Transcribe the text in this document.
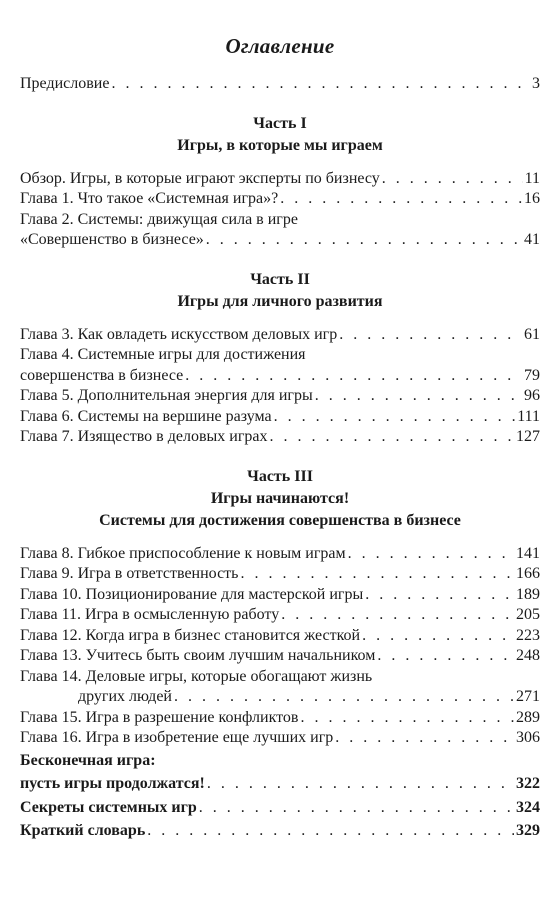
Оглавление
Предисловие . . .	3
Часть I
Игры, в которые мы играем
Обзор. Игры, в которые играют эксперты по бизнесу . . .	11
Глава 1. Что такое «Системная игра»? . . .	16
Глава 2. Системы: движущая сила в игре
«Совершенство в бизнесе» . . .	41
Часть II
Игры для личного развития
Глава 3. Как овладеть искусством деловых игр . . .	61
Глава 4. Системные игры для достижения
совершенства в бизнесе . . .	79
Глава 5. Дополнительная энергия для игры . . .	96
Глава 6. Системы на вершине разума . . .	111
Глава 7. Изящество в деловых играх . . .	127
Часть III
Игры начинаются!
Системы для достижения совершенства в бизнесе
Глава 8. Гибкое приспособление к новым играм . . .	141
Глава 9. Игра в ответственность . . .	166
Глава 10. Позиционирование для мастерской игры . . .	189
Глава 11. Игра в осмысленную работу . . .	205
Глава 12. Когда игра в бизнес становится жесткой . . .	223
Глава 13. Учитесь быть своим лучшим начальником . . .	248
Глава 14. Деловые игры, которые обогащают жизнь
других людей . . .	271
Глава 15. Игра в разрешение конфликтов . . .	289
Глава 16. Игра в изобретение еще лучших игр . . .	306
Бесконечная игра:
пусть игры продолжатся! . . .	322
Секреты системных игр . . .	324
Краткий словарь . . .	329
